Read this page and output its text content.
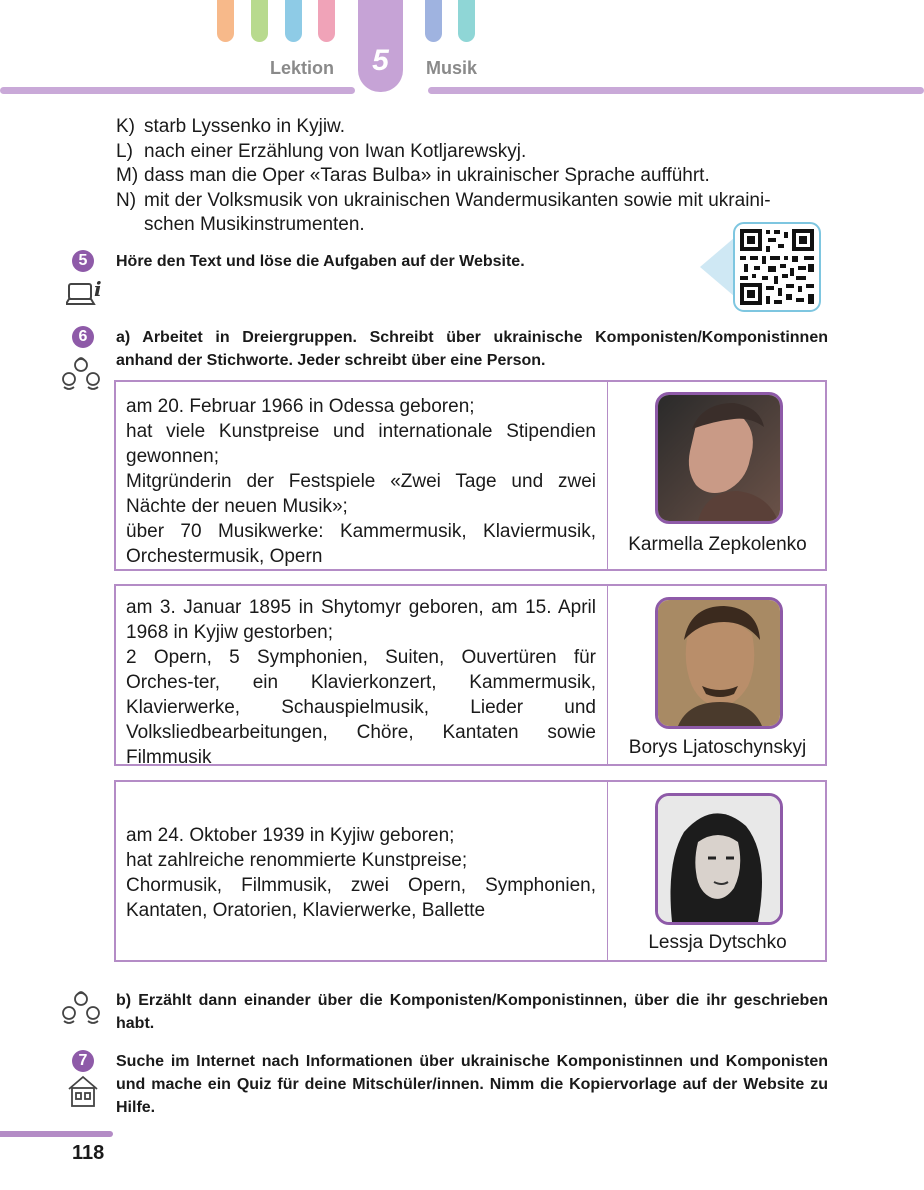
Lektion	5	Musik
K) starb Lyssenko in Kyjiw.
L) nach einer Erzählung von Iwan Kotljarewskyj.
M) dass man die Oper «Taras Bulba» in ukrainischer Sprache aufführt.
N) mit der Volksmusik von ukrainischen Wandermusikanten sowie mit ukraini-
schen Musikinstrumenten.
5
i
Höre den Text und löse die Aufgaben auf der Website.
6	a) Arbeitet in Dreiergruppen. Schreibt über ukrainische Komponisten/Komponistinnen anhand der Stichworte. Jeder schreibt über eine Person.
am 20. Februar 1966 in Odessa geboren;
hat viele Kunstpreise und internationale Stipendien gewonnen;
Mitgründerin der Festspiele «Zwei Tage und zwei Nächte der neuen Musik»;
über 70 Musikwerke: Kammermusik, Klaviermusik, Orchestermusik, Opern
Karmella Zepkolenko
am 3. Januar 1895 in Shytomyr geboren, am 15. April 1968 in Kyjiw gestorben;
2 Opern, 5 Symphonien, Suiten, Ouvertüren für Orches-ter, ein Klavierkonzert, Kammermusik, Klavierwerke, Schauspielmusik, Lieder und Volksliedbearbeitungen, Chöre, Kantaten sowie Filmmusik	Borys Ljatoschynskyj
am 24. Oktober 1939 in Kyjiw geboren;
hat zahlreiche renommierte Kunstpreise;
Chormusik, Filmmusik, zwei Opern, Symphonien, Kantaten, Oratorien, Klavierwerke, Ballette
Lessja Dytschko
b) Erzählt dann einander über die Komponisten/Komponistinnen, über die ihr geschrieben habt.
7	Suche im Internet nach Informationen über ukrainische Komponistinnen und Komponisten und mache ein Quiz für deine Mitschüler/innen. Nimm die Kopiervorlage auf der Website zu Hilfe.
118
